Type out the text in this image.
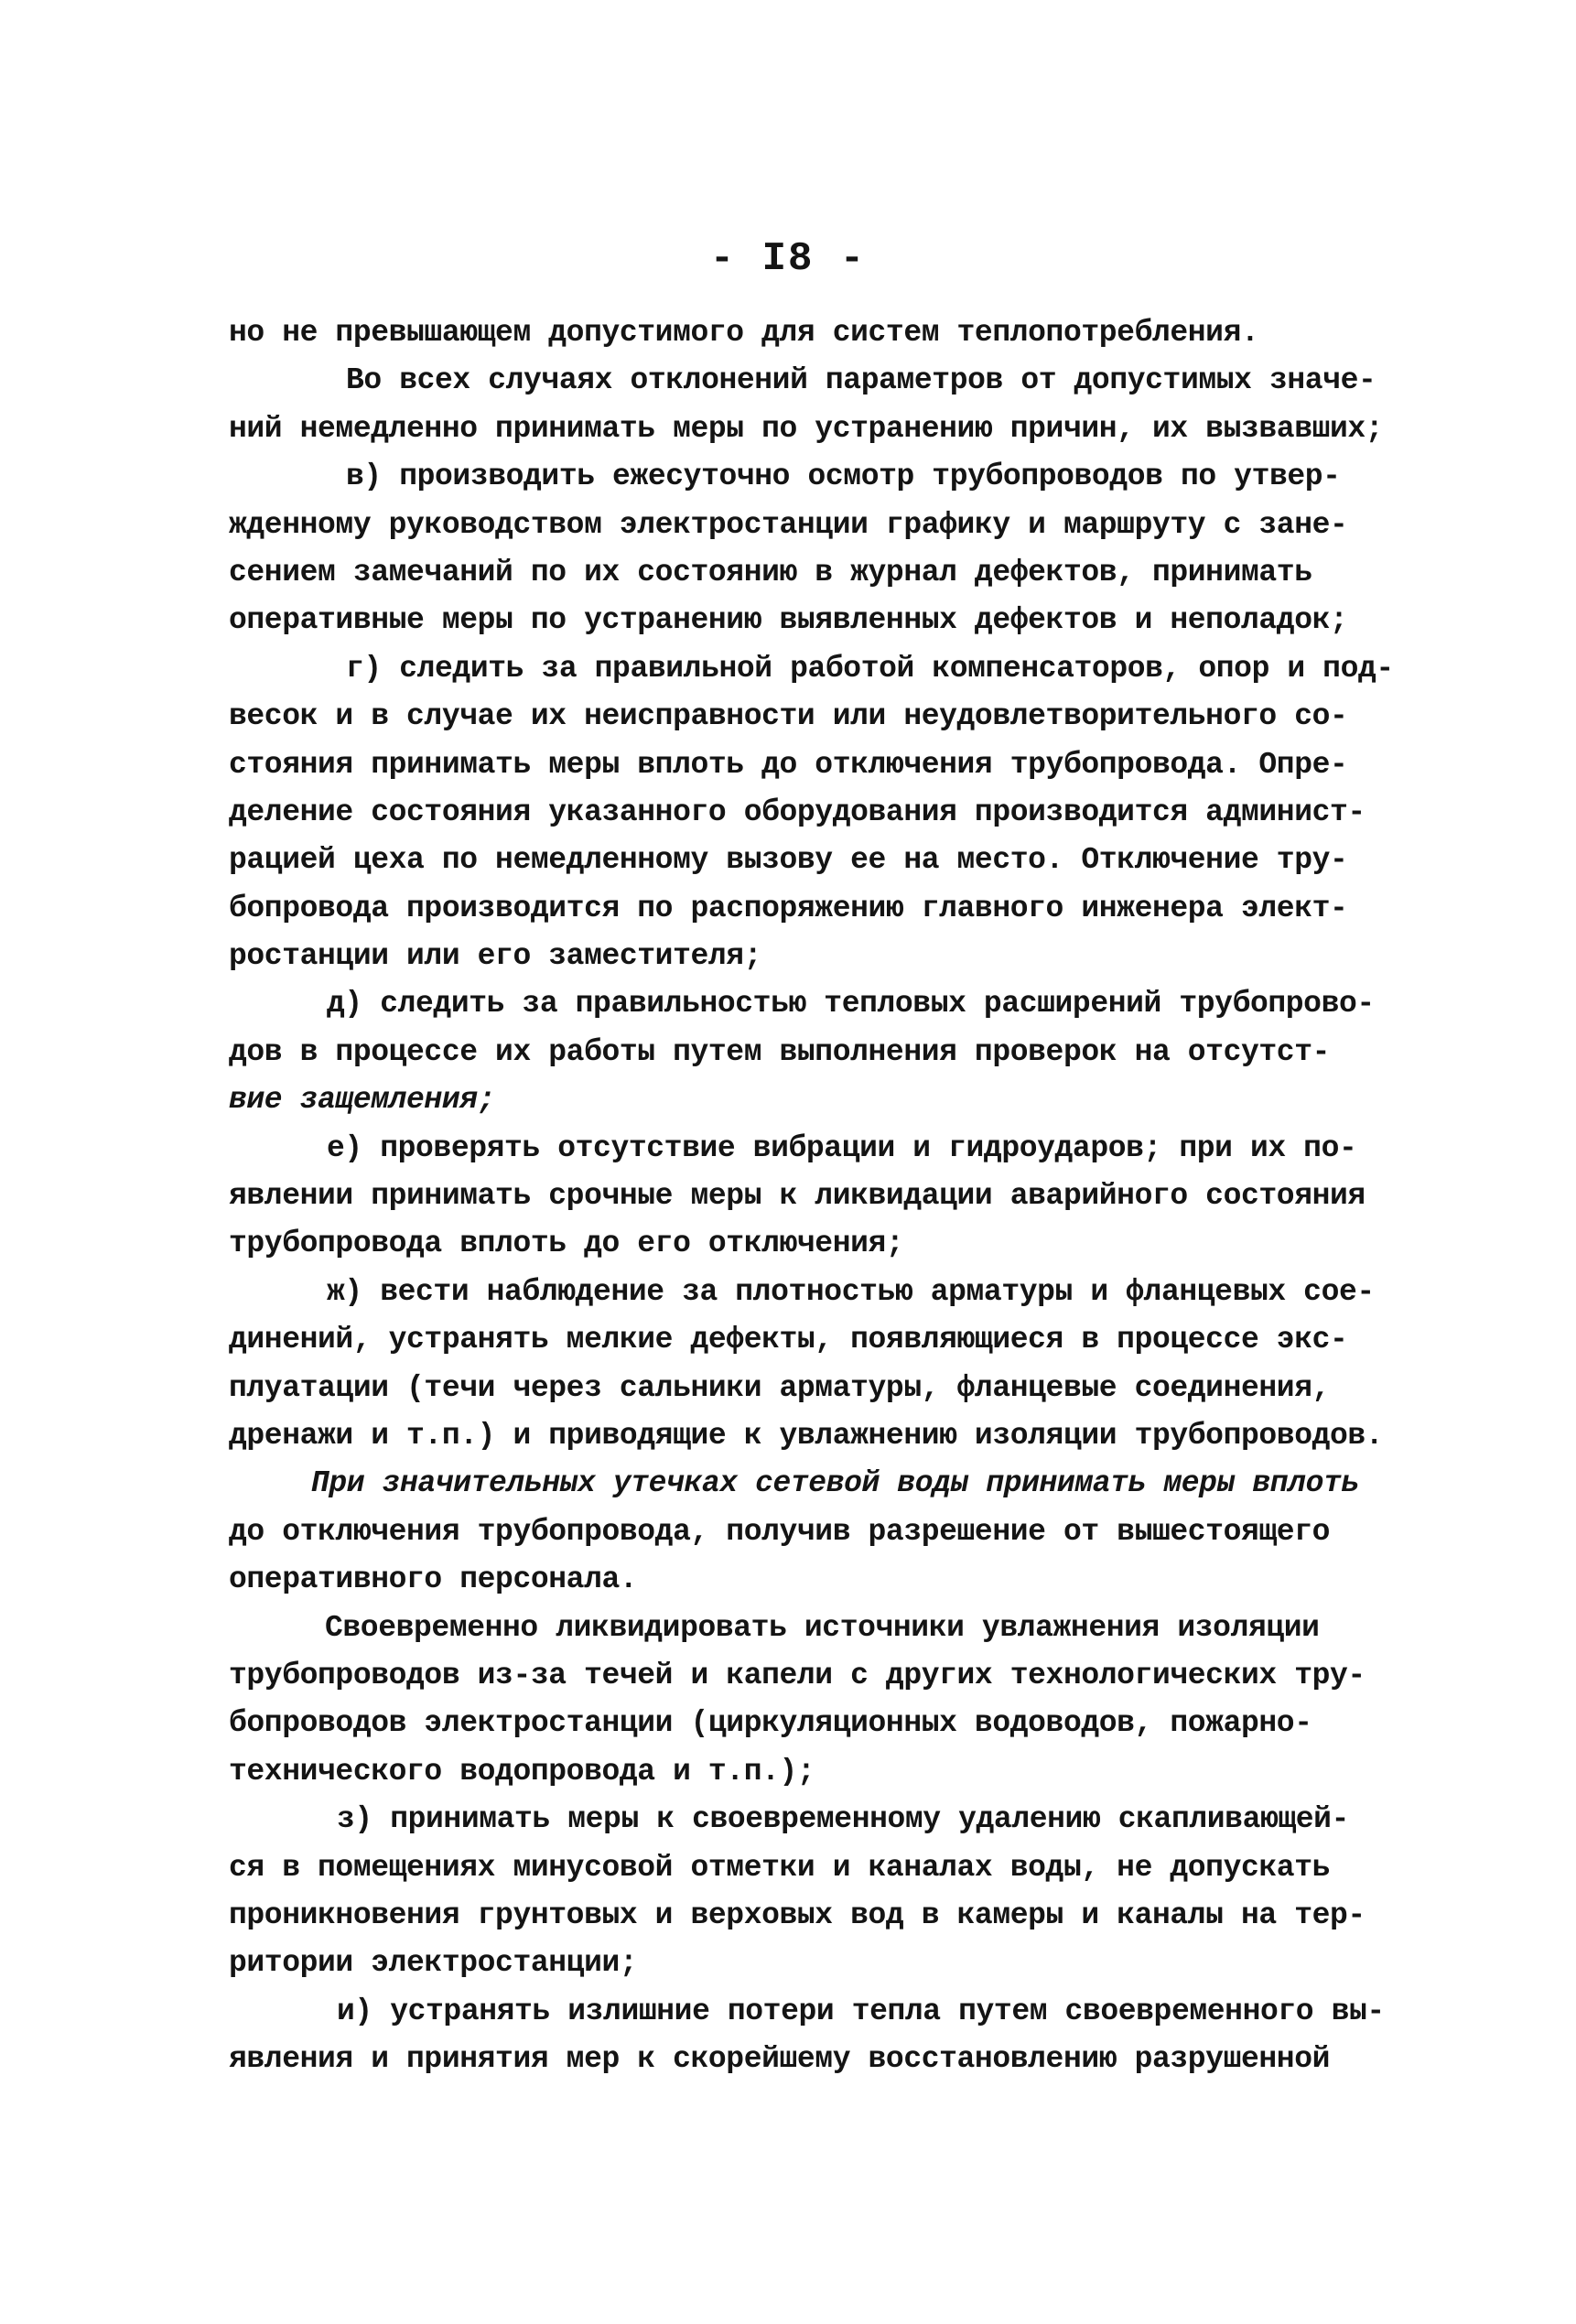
- I8 -
но не превышающем допустимого для систем теплопотребления.
Во всех случаях отклонений параметров от допустимых значе-
ний немедленно принимать меры по устранению причин, их вызвавших;
в) производить ежесуточно осмотр трубопроводов по утвер-
жденному руководством электростанции графику и маршруту с зане-
сением замечаний по их состоянию в журнал дефектов, принимать
оперативные меры по устранению выявленных дефектов и неполадок;
г) следить за правильной работой компенсаторов, опор и под-
весок и в случае их неисправности или неудовлетворительного со-
стояния принимать меры вплоть до отключения трубопровода. Опре-
деление состояния указанного оборудования производится админист-
рацией цеха по немедленному вызову ее на место. Отключение тру-
бопровода производится по распоряжению главного инженера элект-
ростанции или его заместителя;
д) следить за правильностью тепловых расширений трубопрово-
дов в процессе их работы путем выполнения проверок на отсутст-
вие защемления;
е) проверять отсутствие вибрации и гидроударов; при их по-
явлении принимать срочные меры к ликвидации аварийного состояния
трубопровода вплоть до его отключения;
ж) вести наблюдение за плотностью арматуры и фланцевых сое-
динений, устранять мелкие дефекты, появляющиеся в процессе экс-
плуатации (течи через сальники арматуры, фланцевые соединения,
дренажи и т.п.) и приводящие к увлажнению изоляции трубопроводов.
При значительных утечках сетевой воды принимать меры вплоть
до отключения трубопровода, получив разрешение от вышестоящего
оперативного персонала.
Своевременно ликвидировать источники увлажнения изоляции
трубопроводов из-за течей и капели с других технологических тру-
бопроводов электростанции (циркуляционных водоводов, пожарно-
технического водопровода и т.п.);
з) принимать меры к своевременному удалению скапливающей-
ся в помещениях минусовой отметки и каналах воды, не допускать
проникновения грунтовых и верховых вод в камеры и каналы на тер-
ритории электростанции;
и) устранять излишние потери тепла путем своевременного вы-
явления и принятия мер к скорейшему восстановлению разрушенной
